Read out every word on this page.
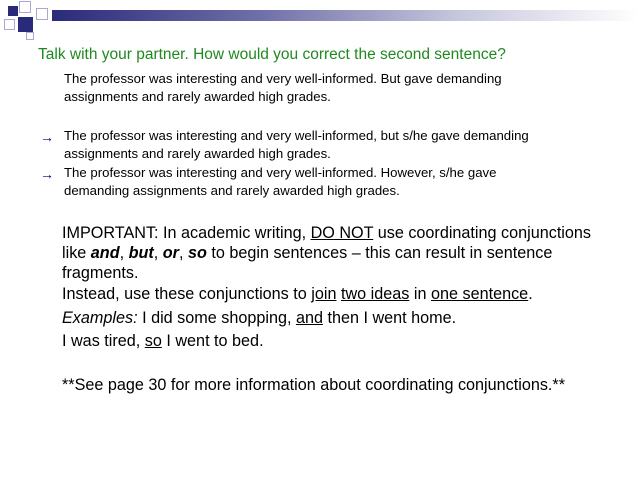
Talk with your partner. How would you correct the second sentence?

The professor was interesting and very well-informed. But gave demanding
assignments and rarely awarded high grades.

→ The professor was interesting and very well-informed, but s/he gave demanding
assignments and rarely awarded high grades.

→ The professor was interesting and very well-informed. However, s/he gave
demanding assignments and rarely awarded high grades.

IMPORTANT: In academic writing, DO NOT use coordinating conjunctions like and, but, or, so to begin sentences – this can result in sentence fragments.

Instead, use these conjunctions to join two ideas in one sentence.

Examples: I did some shopping, and then I went home.

I was tired, so I went to bed.

**See page 30 for more information about coordinating conjunctions.**
